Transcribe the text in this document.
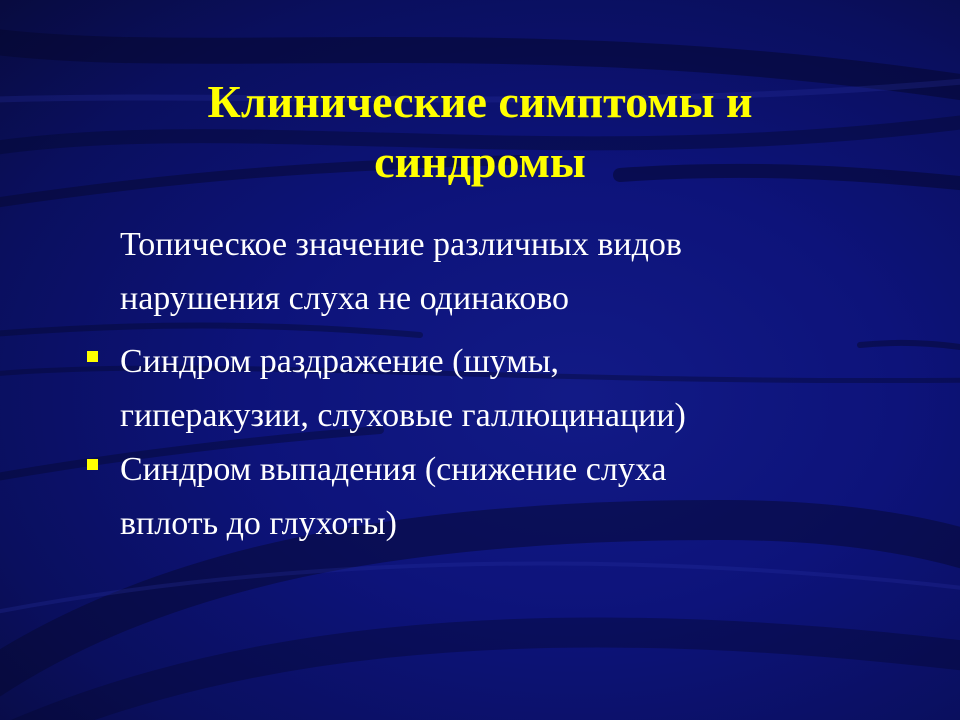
Клинические симптомы и
синдромы
Топическое значение различных видов
нарушения слуха не одинаково
Синдром раздражение (шумы,
гиперакузии, слуховые галлюцинации)
Синдром выпадения (снижение слуха
вплоть до глухоты)
